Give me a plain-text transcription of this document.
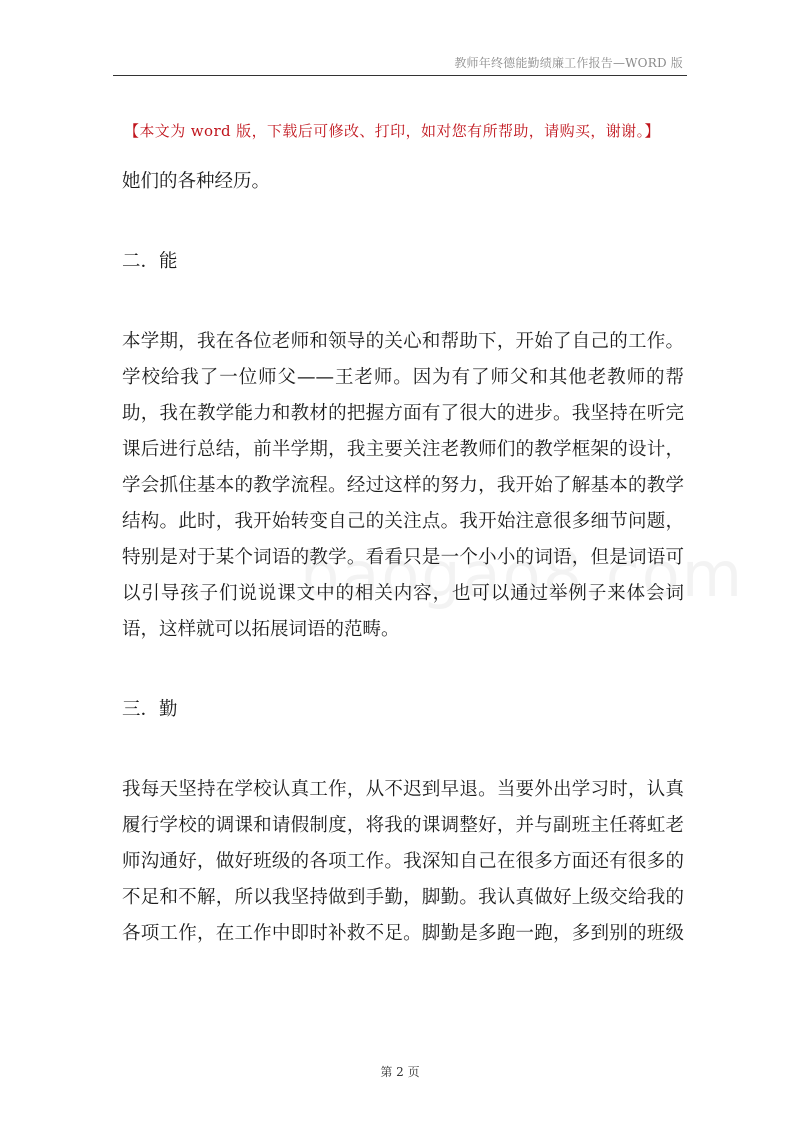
教师年终德能勤绩廉工作报告—WORD 版
【本文为 word 版，下载后可修改、打印，如对您有所帮助，请购买，谢谢。】
她们的各种经历。
二．能
本学期，我在各位老师和领导的关心和帮助下，开始了自己的工作。
学校给我了一位师父——王老师。因为有了师父和其他老教师的帮
助，我在教学能力和教材的把握方面有了很大的进步。我坚持在听完
课后进行总结，前半学期，我主要关注老教师们的教学框架的设计，
学会抓住基本的教学流程。经过这样的努力，我开始了解基本的教学
结构。此时，我开始转变自己的关注点。我开始注意很多细节问题，
特别是对于某个词语的教学。看看只是一个小小的词语，但是词语可
以引导孩子们说说课文中的相关内容，也可以通过举例子来体会词
语，这样就可以拓展词语的范畴。
三．勤
我每天坚持在学校认真工作，从不迟到早退。当要外出学习时，认真
履行学校的调课和请假制度，将我的课调整好，并与副班主任蒋虹老
师沟通好，做好班级的各项工作。我深知自己在很多方面还有很多的
不足和不解，所以我坚持做到手勤，脚勤。我认真做好上级交给我的
各项工作，在工作中即时补救不足。脚勤是多跑一跑，多到别的班级
第 2 页
